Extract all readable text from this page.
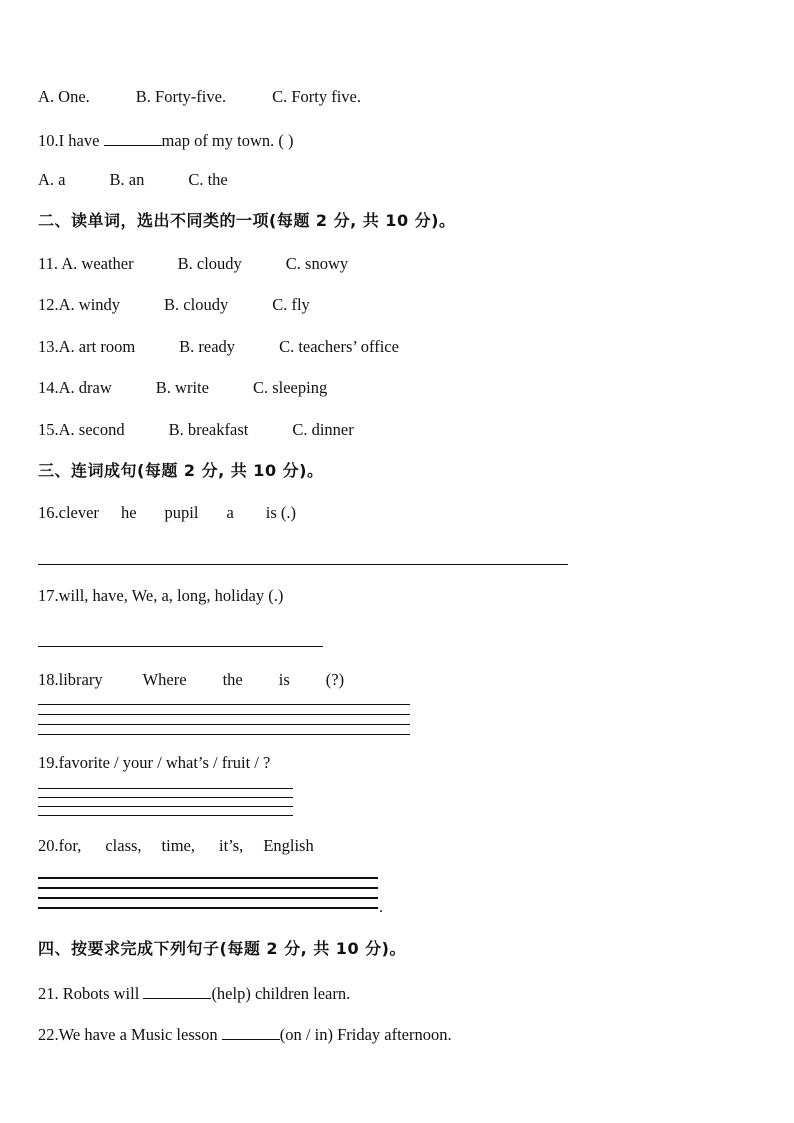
A. One.	B. Forty-five.	C. Forty five.
10.I have	map of my town. ( )
A. a	B. an	C. the
二、读单词，选出不同类的一项(每题 2 分, 共 10 分)。
11. A. weather	B. cloudy	C. snowy
12.A. windy	B. cloudy	C. fly
13.A. art room	B. ready	C. teachers’ office
14.A. draw	B. write	C. sleeping
15.A. second	B. breakfast	C. dinner
三、连词成句(每题 2 分, 共 10 分)。
16.clever he pupil a is (.)
17.will, have, We, a, long, holiday (.)
18.library Where the is (?)
19.favorite / your / what’s / fruit / ?
20.for, class, time, it’s, English
.
四、按要求完成下列句子(每题 2 分, 共 10 分)。
21. Robots will	(help) children learn.
22.We have a Music lesson	(on / in) Friday afternoon.
